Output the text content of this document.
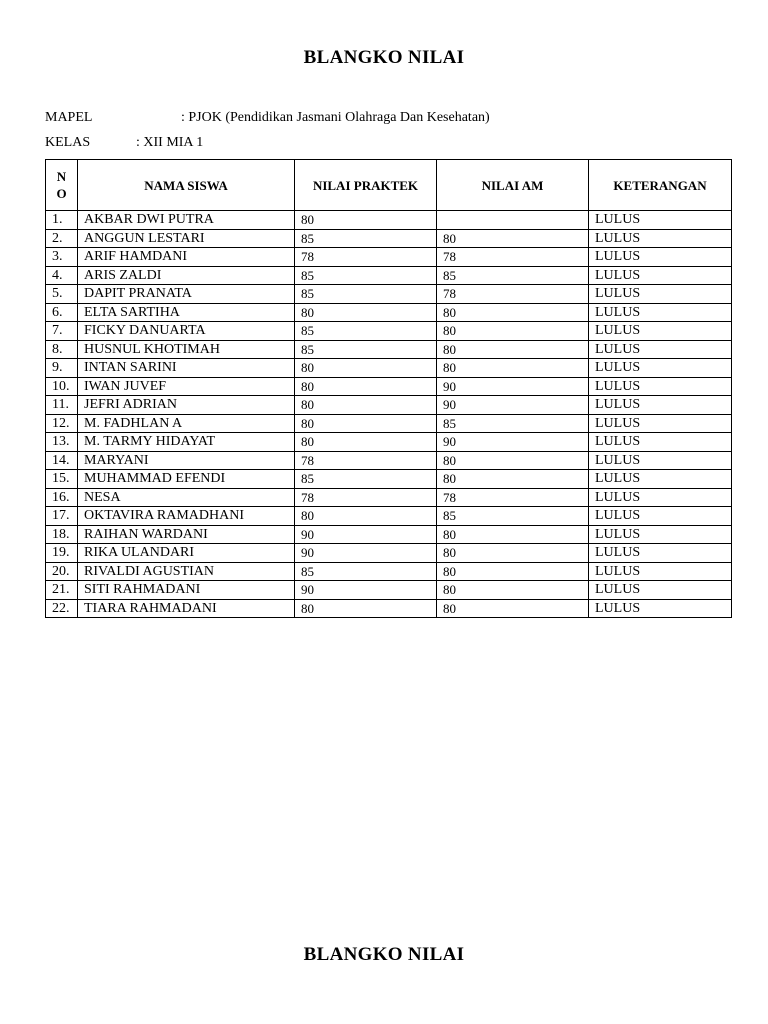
BLANGKO NILAI
MAPEL	: PJOK (Pendidikan Jasmani Olahraga Dan Kesehatan)
KELAS	: XII MIA 1
N
O	NAMA SISWA	NILAI PRAKTEK	NILAI AM	KETERANGAN
1.	AKBAR DWI PUTRA	80		LULUS
2.	ANGGUN LESTARI	85	80	LULUS
3.	ARIF HAMDANI	78	78	LULUS
4.	ARIS ZALDI	85	85	LULUS
5.	DAPIT PRANATA	85	78	LULUS
6.	ELTA SARTIHA	80	80	LULUS
7.	FICKY DANUARTA	85	80	LULUS
8.	HUSNUL KHOTIMAH	85	80	LULUS
9.	INTAN SARINI	80	80	LULUS
10.	IWAN JUVEF	80	90	LULUS
11.	JEFRI ADRIAN	80	90	LULUS
12.	M. FADHLAN A	80	85	LULUS
13.	M. TARMY HIDAYAT	80	90	LULUS
14.	MARYANI	78	80	LULUS
15.	MUHAMMAD EFENDI	85	80	LULUS
16.	NESA	78	78	LULUS
17.	OKTAVIRA RAMADHANI	80	85	LULUS
18.	RAIHAN WARDANI	90	80	LULUS
19.	RIKA ULANDARI	90	80	LULUS
20.	RIVALDI AGUSTIAN	85	80	LULUS
21.	SITI RAHMADANI	90	80	LULUS
22.	TIARA RAHMADANI	80	80	LULUS
BLANGKO NILAI
